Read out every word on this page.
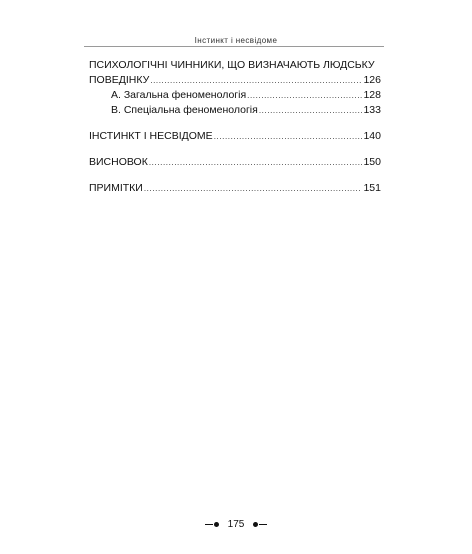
Інстинкт і несвідоме
ПСИХОЛОГІЧНІ ЧИННИКИ, ЩО ВИЗНАЧАЮТЬ ЛЮДСЬКУ
ПОВЕДІНКУ .....	126
A. Загальна феноменологія .....	128
B. Спеціальна феноменологія .....	133
ІНСТИНКТ І НЕСВІДОМЕ .....	140
ВИСНОВОК .....	150
ПРИМІТКИ .....	151
175
